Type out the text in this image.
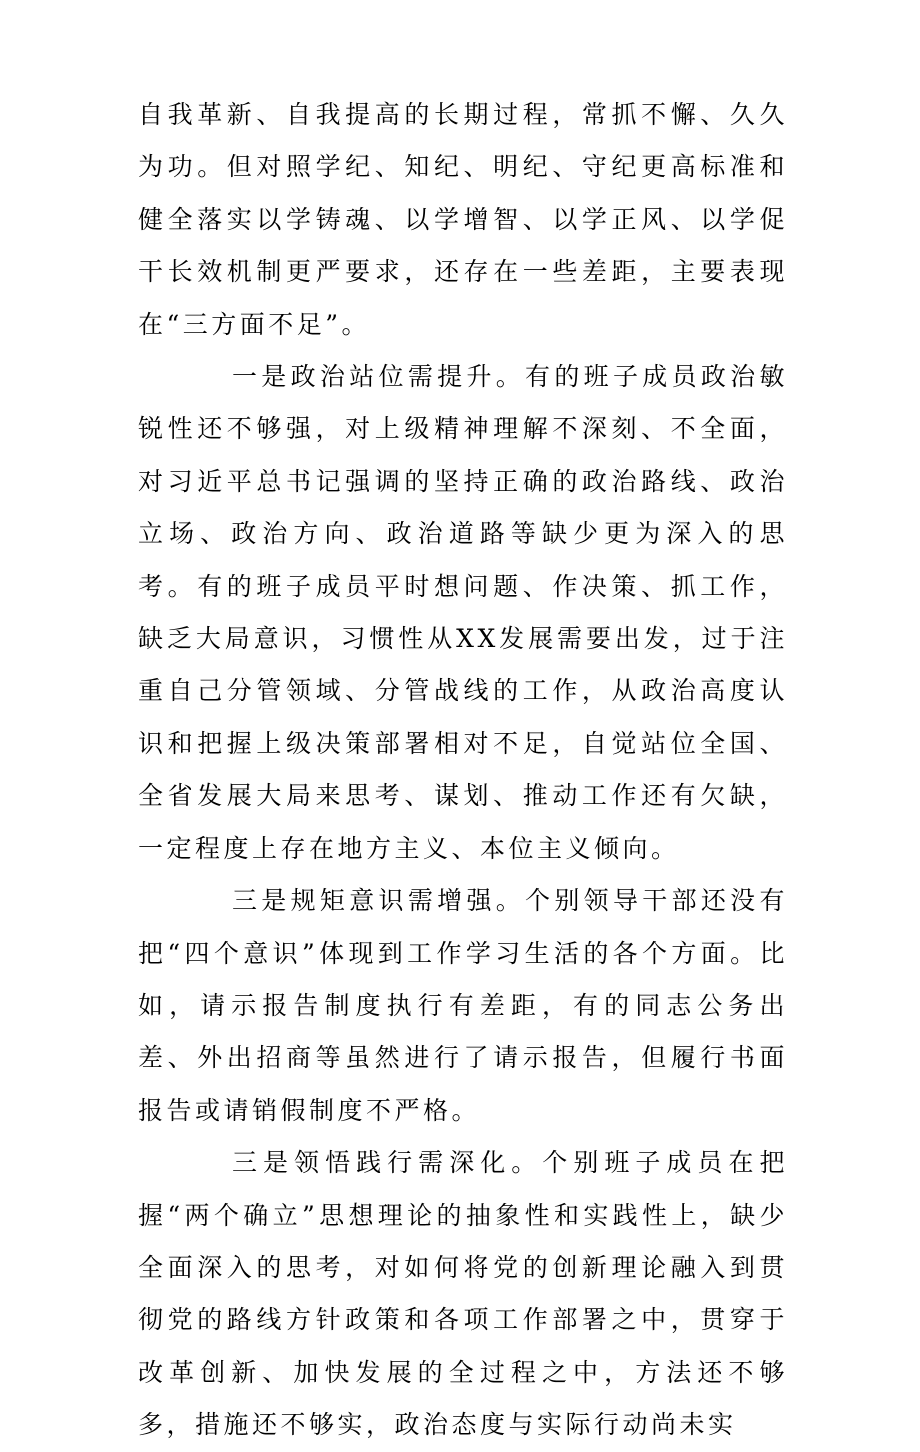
自我革新、自我提高的长期过程，常抓不懈、久久为功。但对照学纪、知纪、明纪、守纪更高标准和健全落实以学铸魂、以学增智、以学正风、以学促干长效机制更严要求，还存在一些差距，主要表现在“三方面不足”。

一是政治站位需提升。有的班子成员政治敏锐性还不够强，对上级精神理解不深刻、不全面，对习近平总书记强调的坚持正确的政治路线、政治立场、政治方向、政治道路等缺少更为深入的思考。有的班子成员平时想问题、作决策、抓工作，缺乏大局意识，习惯性从XX发展需要出发，过于注重自己分管领域、分管战线的工作，从政治高度认识和把握上级决策部署相对不足，自觉站位全国、全省发展大局来思考、谋划、推动工作还有欠缺，一定程度上存在地方主义、本位主义倾向。

三是规矩意识需增强。个别领导干部还没有把“四个意识”体现到工作学习生活的各个方面。比如，请示报告制度执行有差距，有的同志公务出差、外出招商等虽然进行了请示报告，但履行书面报告或请销假制度不严格。

三是领悟践行需深化。个别班子成员在把握“两个确立”思想理论的抽象性和实践性上，缺少全面深入的思考，对如何将党的创新理论融入到贯彻党的路线方针政策和各项工作部署之中，贯穿于改革创新、加快发展的全过程之中，方法还不够多，措施还不够实，政治态度与实际行动尚未实
